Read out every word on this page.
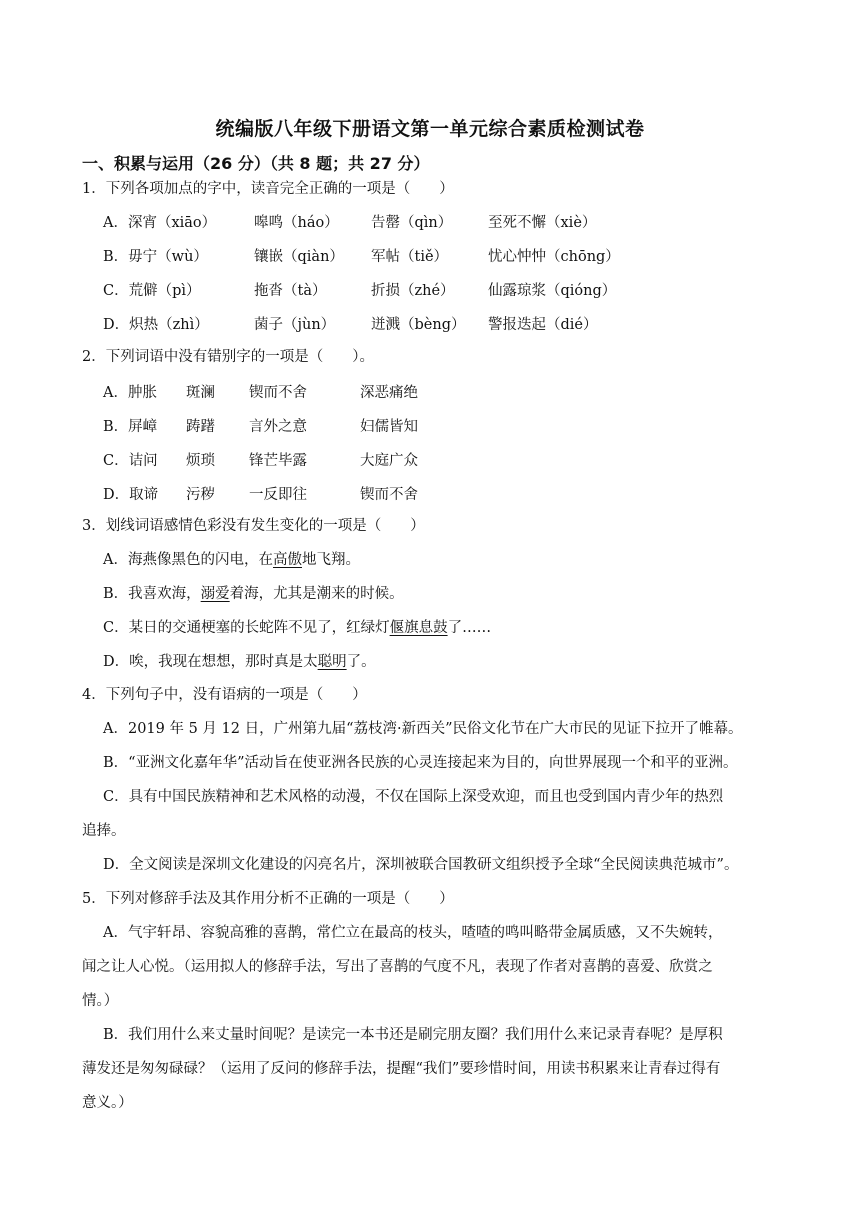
统编版八年级下册语文第一单元综合素质检测试卷
一、积累与运用（26 分）（共 8 题；共 27 分）
1．下列各项加点的字中，读音完全正确的一项是（　　）
A．深宵（xiāo）	嗥鸣（háo） 告罄（qìn） 至死不懈（xiè）
B．毋宁（wù）	镶嵌（qiàn） 军帖（tiě）	忧心忡忡（chōng）
C．荒僻（pì）	拖沓（tà）	折损（zhé） 仙露琼浆（qióng）
D．炽热（zhì）	菌子（jùn） 迸溅（bèng） 警报迭起（dié）
2．下列词语中没有错别字的一项是（　　）。
A．肿胀 斑澜 锲而不舍	深恶痛绝
B．屏嶂 踌躇 言外之意	妇儒皆知
C．诘问 烦琐 锋芒毕露	大庭广众
D．取谛 污秽 一反即往	锲而不舍
3．划线词语感情色彩没有发生变化的一项是（　　）
A．海燕像黑色的闪电，在高傲地飞翔。
B．我喜欢海，溺爱着海，尤其是潮来的时候。
C．某日的交通梗塞的长蛇阵不见了，红绿灯偃旗息鼓了……
D．唉，我现在想想，那时真是太聪明了。
4．下列句子中，没有语病的一项是（　　）
A．2019 年 5 月 12 日，广州第九届“荔枝湾·新西关”民俗文化节在广大市民的见证下拉开了帷幕。
B．“亚洲文化嘉年华”活动旨在使亚洲各民族的心灵连接起来为目的，向世界展现一个和平的亚洲。
C．具有中国民族精神和艺术风格的动漫，不仅在国际上深受欢迎，而且也受到国内青少年的热烈
追捧。
D．全文阅读是深圳文化建设的闪亮名片，深圳被联合国教研文组织授予全球“全民阅读典范城市”。
5．下列对修辞手法及其作用分析不正确的一项是（　　）
A．气宇轩昂、容貌高雅的喜鹊，常伫立在最高的枝头，喳喳的鸣叫略带金属质感，又不失婉转，
闻之让人心悦。（运用拟人的修辞手法，写出了喜鹊的气度不凡，表现了作者对喜鹊的喜爱、欣赏之
情。）
B．我们用什么来丈量时间呢？是读完一本书还是刷完朋友圈？我们用什么来记录青春呢？是厚积
薄发还是匆匆碌碌？（运用了反问的修辞手法，提醒“我们”要珍惜时间，用读书积累来让青春过得有
意义。）
